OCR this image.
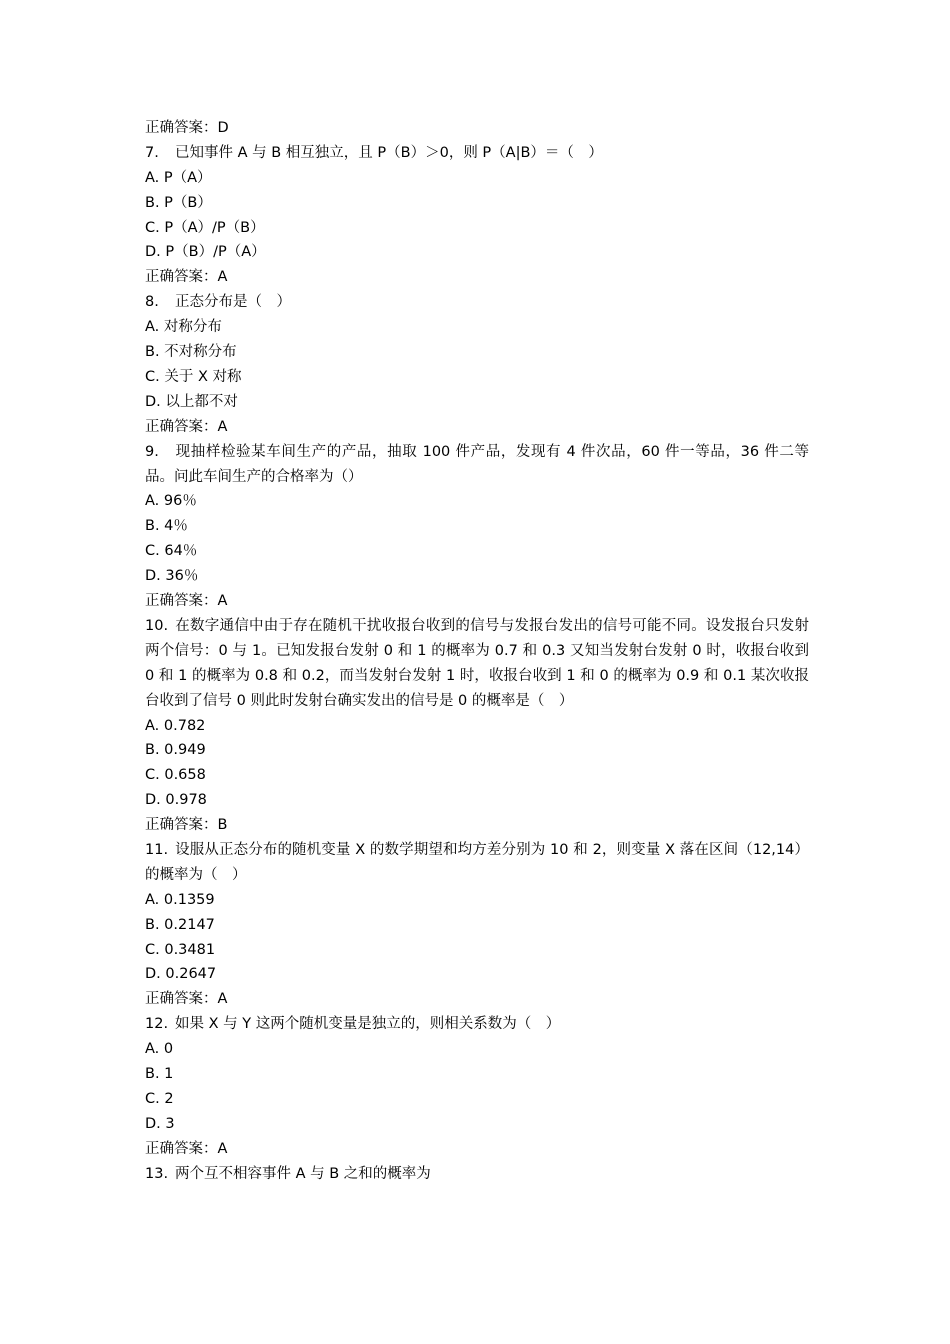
正确答案：D
7. 已知事件 A 与 B 相互独立，且 P（B）＞0，则 P（A|B）＝（　）
A. P（A）
B. P（B）
C. P（A）/P（B）
D. P（B）/P（A）
正确答案：A
8. 正态分布是（　）
A. 对称分布
B. 不对称分布
C. 关于 X 对称
D. 以上都不对
正确答案：A
9. 现抽样检验某车间生产的产品，抽取 100 件产品，发现有 4 件次品，60 件一等品，36 件二等品。问此车间生产的合格率为（）
A. 96％
B. 4％
C. 64％
D. 36％
正确答案：A
10. 在数字通信中由于存在随机干扰收报台收到的信号与发报台发出的信号可能不同。设发报台只发射两个信号：0 与 1。已知发报台发射 0 和 1 的概率为 0.7 和 0.3 又知当发射台发射 0 时，收报台收到 0 和 1 的概率为 0.8 和 0.2，而当发射台发射 1 时，收报台收到 1 和 0 的概率为 0.9 和 0.1 某次收报台收到了信号 0 则此时发射台确实发出的信号是 0 的概率是（　）
A. 0.782
B. 0.949
C. 0.658
D. 0.978
正确答案：B
11. 设服从正态分布的随机变量 X 的数学期望和均方差分别为 10 和 2，则变量 X 落在区间（12,14）的概率为（　）
A. 0.1359
B. 0.2147
C. 0.3481
D. 0.2647
正确答案：A
12. 如果 X 与 Y 这两个随机变量是独立的，则相关系数为（　）
A. 0
B. 1
C. 2
D. 3
正确答案：A
13. 两个互不相容事件 A 与 B 之和的概率为
